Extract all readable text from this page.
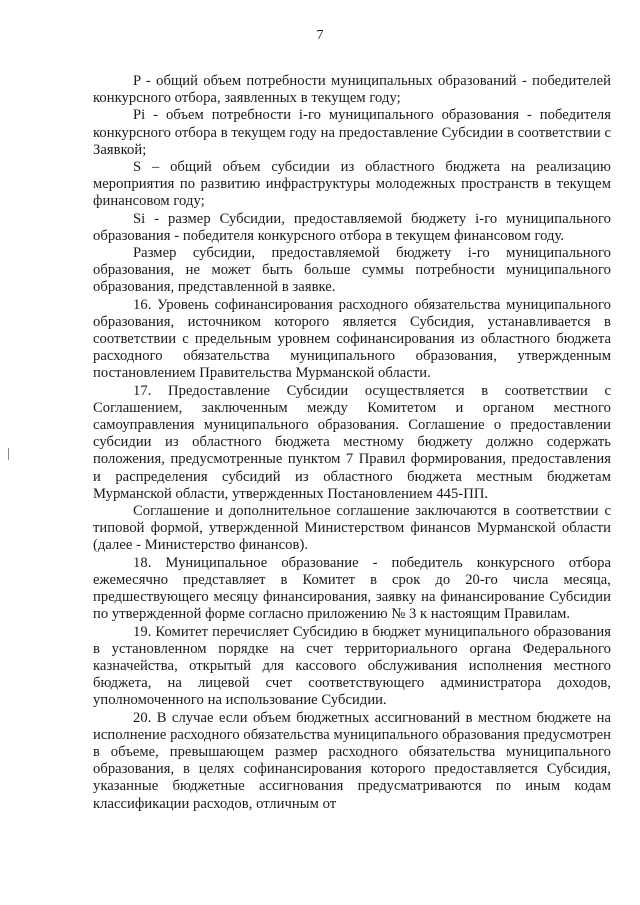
7

P - общий объем потребности муниципальных образований - победителей конкурсного отбора, заявленных в текущем году;

Pi - объем потребности i-го муниципального образования - победителя конкурсного отбора в текущем году на предоставление Субсидии в соответствии с Заявкой;

S – общий объем субсидии из областного бюджета на реализацию мероприятия по развитию инфраструктуры молодежных пространств в текущем финансовом году;

Si - размер Субсидии, предоставляемой бюджету i-го муниципального образования - победителя конкурсного отбора в текущем финансовом году.

Размер субсидии, предоставляемой бюджету i-го муниципального образования, не может быть больше суммы потребности муниципального образования, представленной в заявке.

16. Уровень софинансирования расходного обязательства муниципального образования, источником которого является Субсидия, устанавливается в соответствии с предельным уровнем софинансирования из областного бюджета расходного обязательства муниципального образования, утвержденным постановлением Правительства Мурманской области.

17. Предоставление Субсидии осуществляется в соответствии с Соглашением, заключенным между Комитетом и органом местного самоуправления муниципального образования. Соглашение о предоставлении субсидии из областного бюджета местному бюджету должно содержать положения, предусмотренные пунктом 7 Правил формирования, предоставления и распределения субсидий из областного бюджета местным бюджетам Мурманской области, утвержденных Постановлением 445-ПП.

Соглашение и дополнительное соглашение заключаются в соответствии с типовой формой, утвержденной Министерством финансов Мурманской области (далее - Министерство финансов).

18. Муниципальное образование - победитель конкурсного отбора ежемесячно представляет в Комитет в срок до 20-го числа месяца, предшествующего месяцу финансирования, заявку на финансирование Субсидии по утвержденной форме согласно приложению № 3 к настоящим Правилам.

19. Комитет перечисляет Субсидию в бюджет муниципального образования в установленном порядке на счет территориального органа Федерального казначейства, открытый для кассового обслуживания исполнения местного бюджета, на лицевой счет соответствующего администратора доходов, уполномоченного на использование Субсидии.

20. В случае если объем бюджетных ассигнований в местном бюджете на исполнение расходного обязательства муниципального образования предусмотрен в объеме, превышающем размер расходного обязательства муниципального образования, в целях софинансирования которого предоставляется Субсидия, указанные бюджетные ассигнования предусматриваются по иным кодам классификации расходов, отличным от
